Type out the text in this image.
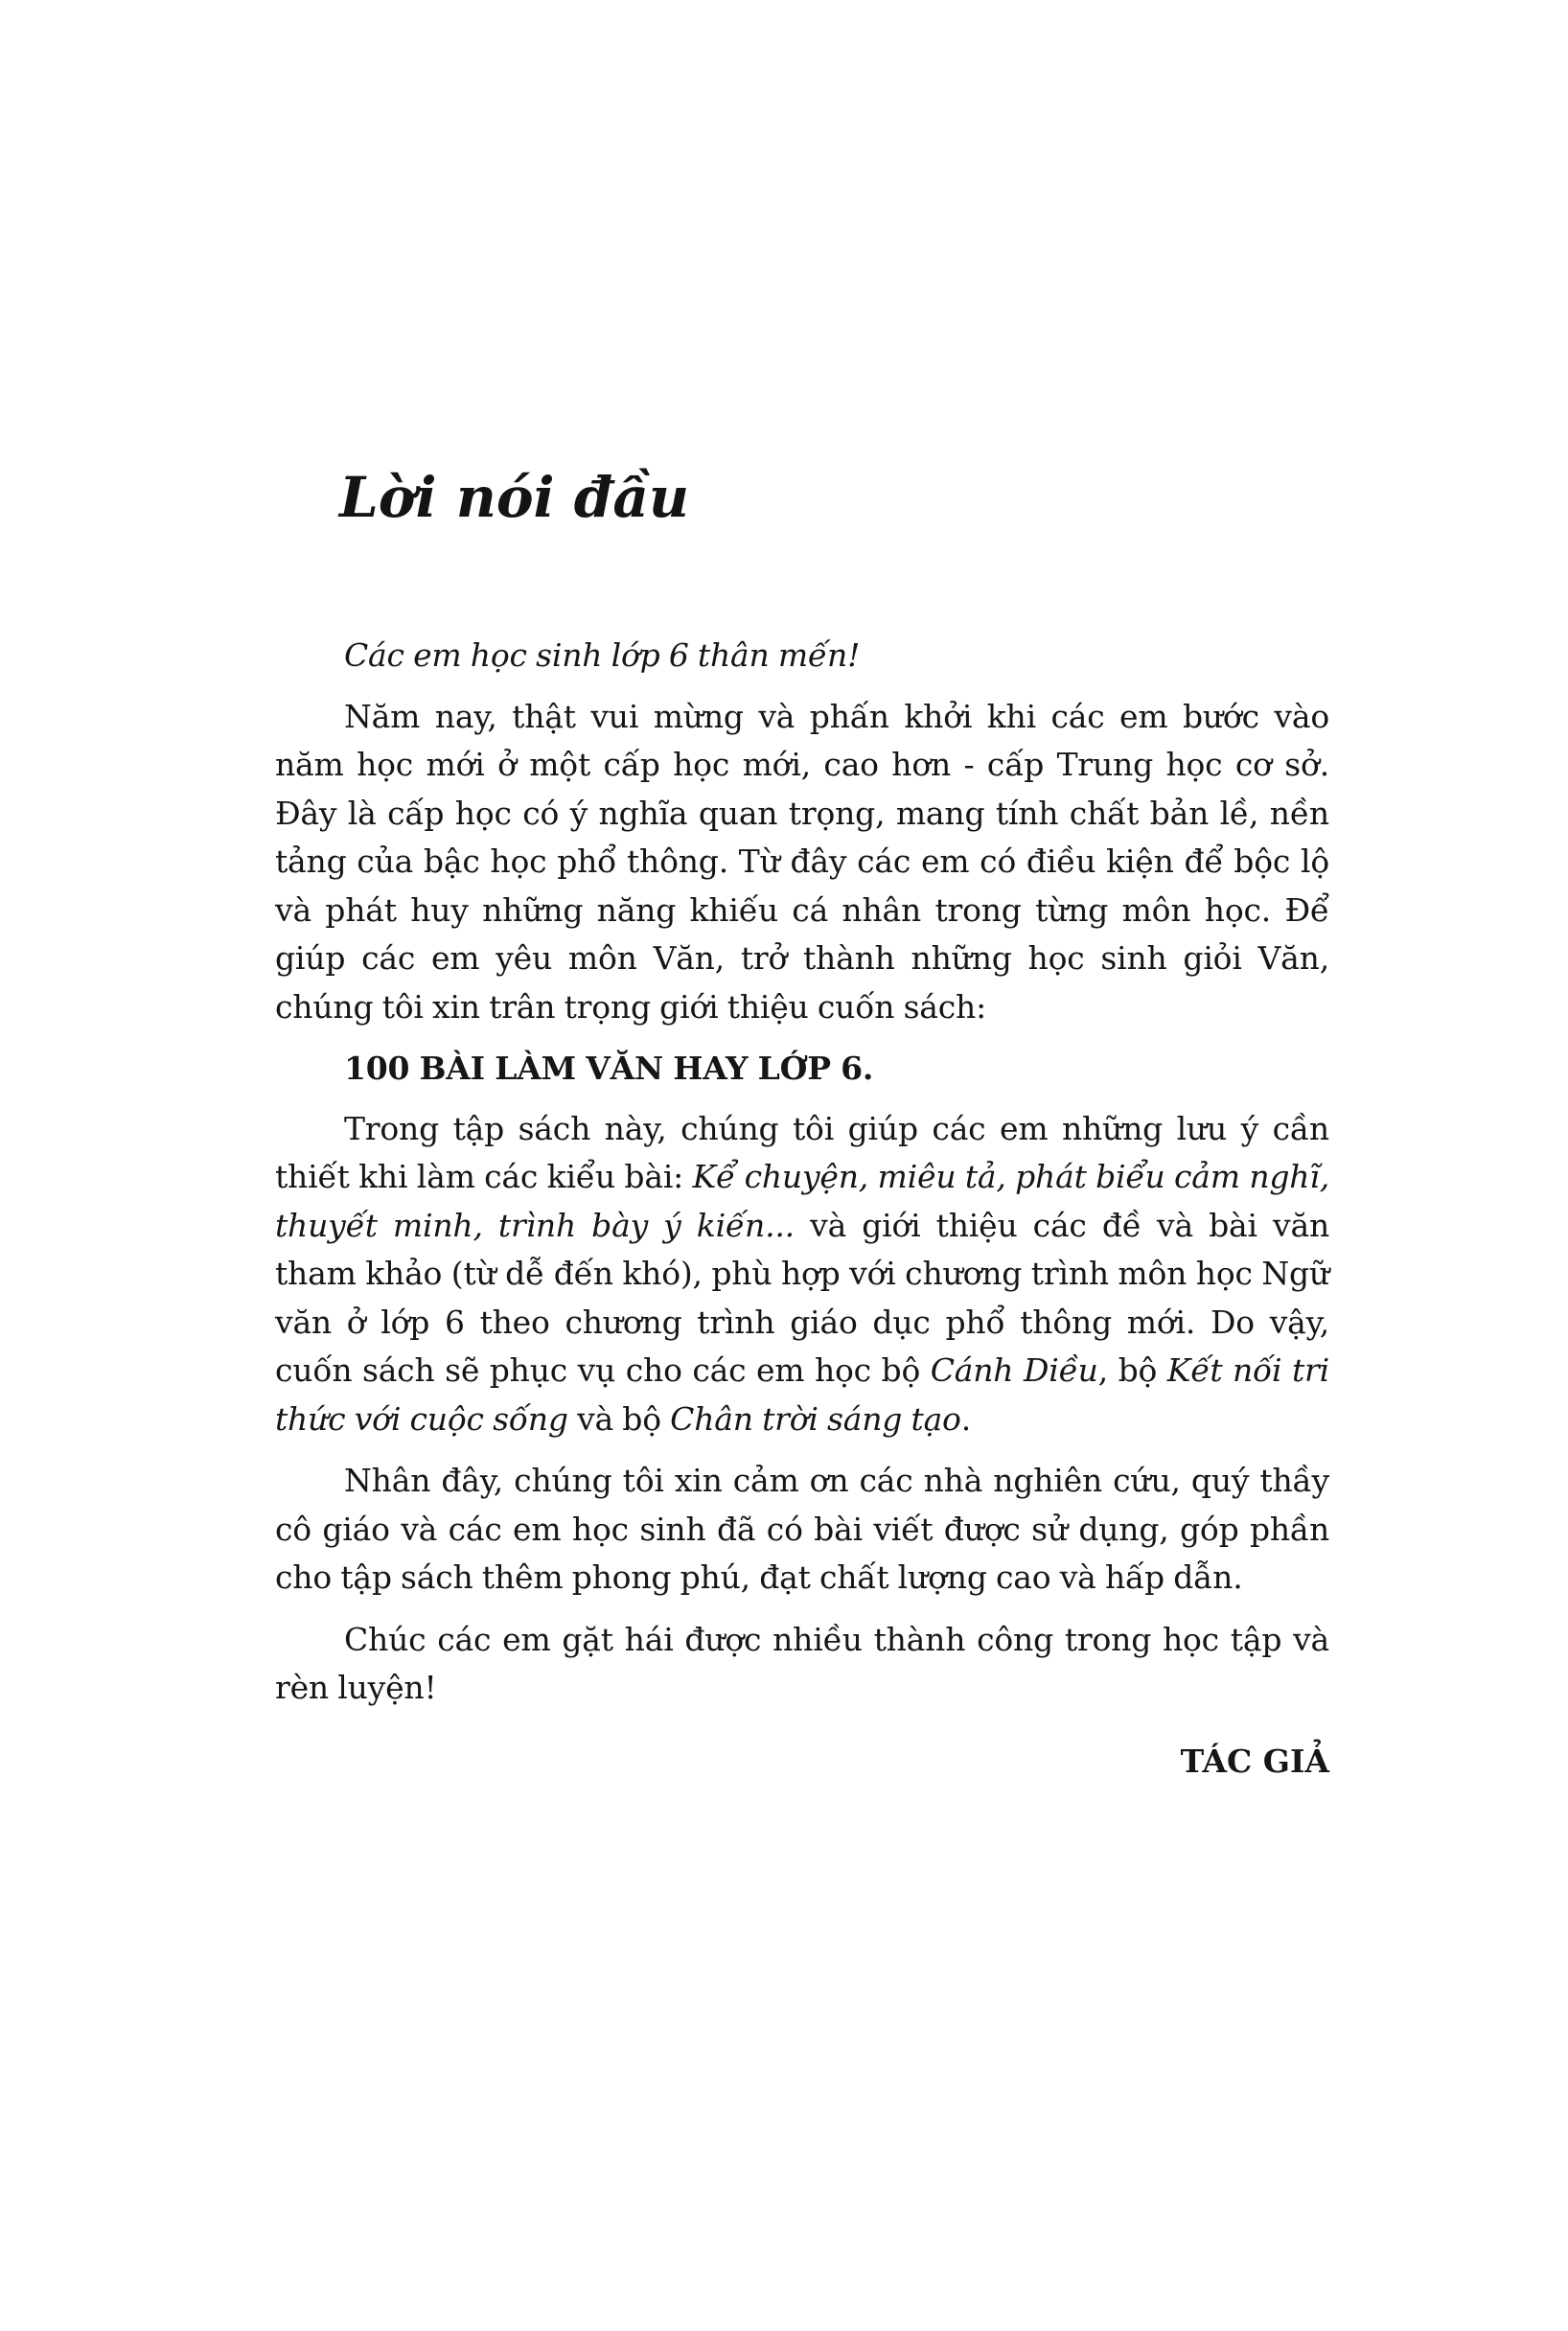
Lời nói đầu

Các em học sinh lớp 6 thân mến!

Năm nay, thật vui mừng và phấn khởi khi các em bước vào năm học mới ở một cấp học mới, cao hơn - cấp Trung học cơ sở. Đây là cấp học có ý nghĩa quan trọng, mang tính chất bản lề, nền tảng của bậc học phổ thông. Từ đây các em có điều kiện để bộc lộ và phát huy những năng khiếu cá nhân trong từng môn học. Để giúp các em yêu môn Văn, trở thành những học sinh giỏi Văn, chúng tôi xin trân trọng giới thiệu cuốn sách:

100 BÀI LÀM VĂN HAY LỚP 6.

Trong tập sách này, chúng tôi giúp các em những lưu ý cần thiết khi làm các kiểu bài: Kể chuyện, miêu tả, phát biểu cảm nghĩ, thuyết minh, trình bày ý kiến... và giới thiệu các đề và bài văn tham khảo (từ dễ đến khó), phù hợp với chương trình môn học Ngữ văn ở lớp 6 theo chương trình giáo dục phổ thông mới. Do vậy, cuốn sách sẽ phục vụ cho các em học bộ Cánh Diều, bộ Kết nối tri thức với cuộc sống và bộ Chân trời sáng tạo.

Nhân đây, chúng tôi xin cảm ơn các nhà nghiên cứu, quý thầy cô giáo và các em học sinh đã có bài viết được sử dụng, góp phần cho tập sách thêm phong phú, đạt chất lượng cao và hấp dẫn.

Chúc các em gặt hái được nhiều thành công trong học tập và rèn luyện!

TÁC GIẢ
